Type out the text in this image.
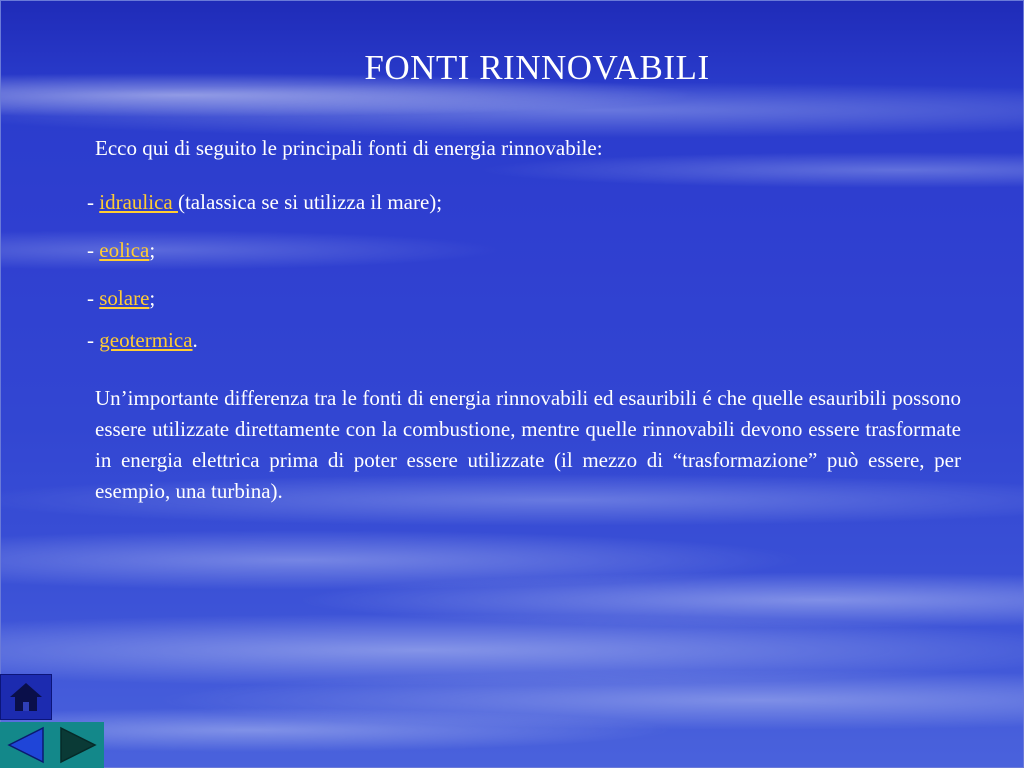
FONTI RINNOVABILI
Ecco qui di seguito le principali fonti di energia rinnovabile:
- idraulica (talassica se si utilizza il mare);
- eolica;
- solare;
- geotermica.
Un’importante differenza tra le fonti di energia rinnovabili ed esauribili é che quelle esauribili possono essere utilizzate direttamente con la combustione, mentre quelle rinnovabili devono essere trasformate in energia elettrica prima di poter essere utilizzate (il mezzo di “trasformazione” può essere, per esempio, una turbina).
